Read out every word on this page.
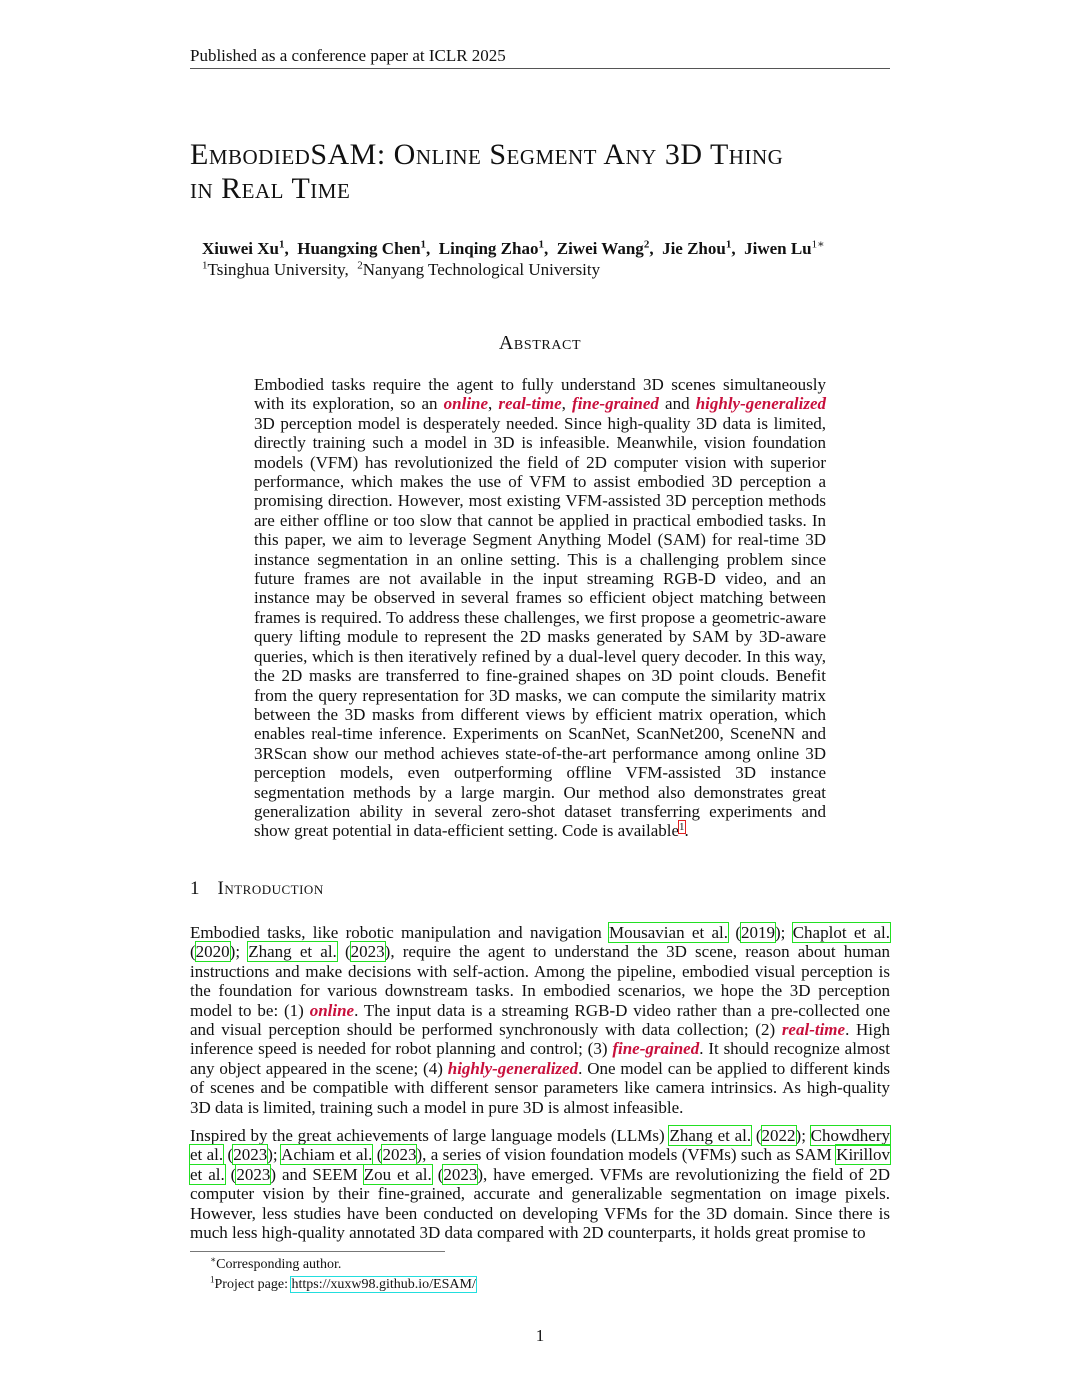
Published as a conference paper at ICLR 2025
EmbodiedSAM: Online Segment Any 3D Thing
in Real Time
Xiuwei Xu$^1$,  Huangxing Chen$^1$,  Linqing Zhao$^1$,  Ziwei Wang$^2$,  Jie Zhou$^1$,  Jiwen $Lu^{1∗}$
$^1$Tsinghua University,  $^2$Nanyang Technological University
Abstract

Embodied tasks require the agent to fully understand 3D scenes simultaneously with its exploration, so an online, real-time, fine-grained and highly-generalized 3D perception model is desperately needed. Since high-quality 3D data is limited, directly training such a model in 3D is infeasible. Meanwhile, vision foundation models (VFM) has revolutionized the field of 2D computer vision with superior performance, which makes the use of VFM to assist embodied 3D perception a promising direction. However, most existing VFM-assisted 3D perception methods are either offline or too slow that cannot be applied in practical embodied tasks. In this paper, we aim to leverage Segment Anything Model (SAM) for real-time 3D instance segmentation in an online setting. This is a challenging problem since future frames are not available in the input streaming RGB-D video, and an instance may be observed in several frames so efficient object matching between frames is required. To address these challenges, we first propose a geometric-aware query lifting module to represent the 2D masks generated by SAM by 3D-aware queries, which is then iteratively refined by a dual-level query decoder. In this way, the 2D masks are transferred to fine-grained shapes on 3D point clouds. Benefit from the query representation for 3D masks, we can compute the similarity matrix between the 3D masks from different views by efficient matrix operation, which enables real-time inference. Experiments on ScanNet, ScanNet200, SceneNN and 3RScan show our method achieves state-of-the-art performance among online 3D perception models, even outperforming offline VFM-assisted 3D instance segmentation methods by a large margin. Our method also demonstrates great generalization ability in several zero-shot dataset transferring experiments and show great potential in data-efficient setting. Code is available$^1$.

1 Introduction

Embodied tasks, like robotic manipulation and navigation Mousavian et al. (2019); Chaplot et al. (2020); Zhang et al. (2023), require the agent to understand the 3D scene, reason about human instructions and make decisions with self-action. Among the pipeline, embodied visual perception is the foundation for various downstream tasks. In embodied scenarios, we hope the 3D perception model to be: (1) online. The input data is a streaming RGB-D video rather than a pre-collected one and visual perception should be performed synchronously with data collection; (2) real-time. High inference speed is needed for robot planning and control; (3) fine-grained. It should recognize almost any object appeared in the scene; (4) highly-generalized. One model can be applied to different kinds of scenes and be compatible with different sensor parameters like camera intrinsics. As high-quality 3D data is limited, training such a model in pure 3D is almost infeasible.

Inspired by the great achievements of large language models (LLMs) Zhang et al. (2022); Chowdhery et al. (2023); Achiam et al. (2023), a series of vision foundation models (VFMs) such as SAM Kirillov et al. (2023) and SEEM Zou et al. (2023), have emerged. VFMs are revolutionizing the field of 2D computer vision by their fine-grained, accurate and generalizable segmentation on image pixels. However, less studies have been conducted on developing VFMs for the 3D domain. Since there is much less high-quality annotated 3D data compared with 2D counterparts, it holds great promise to

∗Corresponding author.
$^1$Project page: https://xuxw98.github.io/ESAM/
1
